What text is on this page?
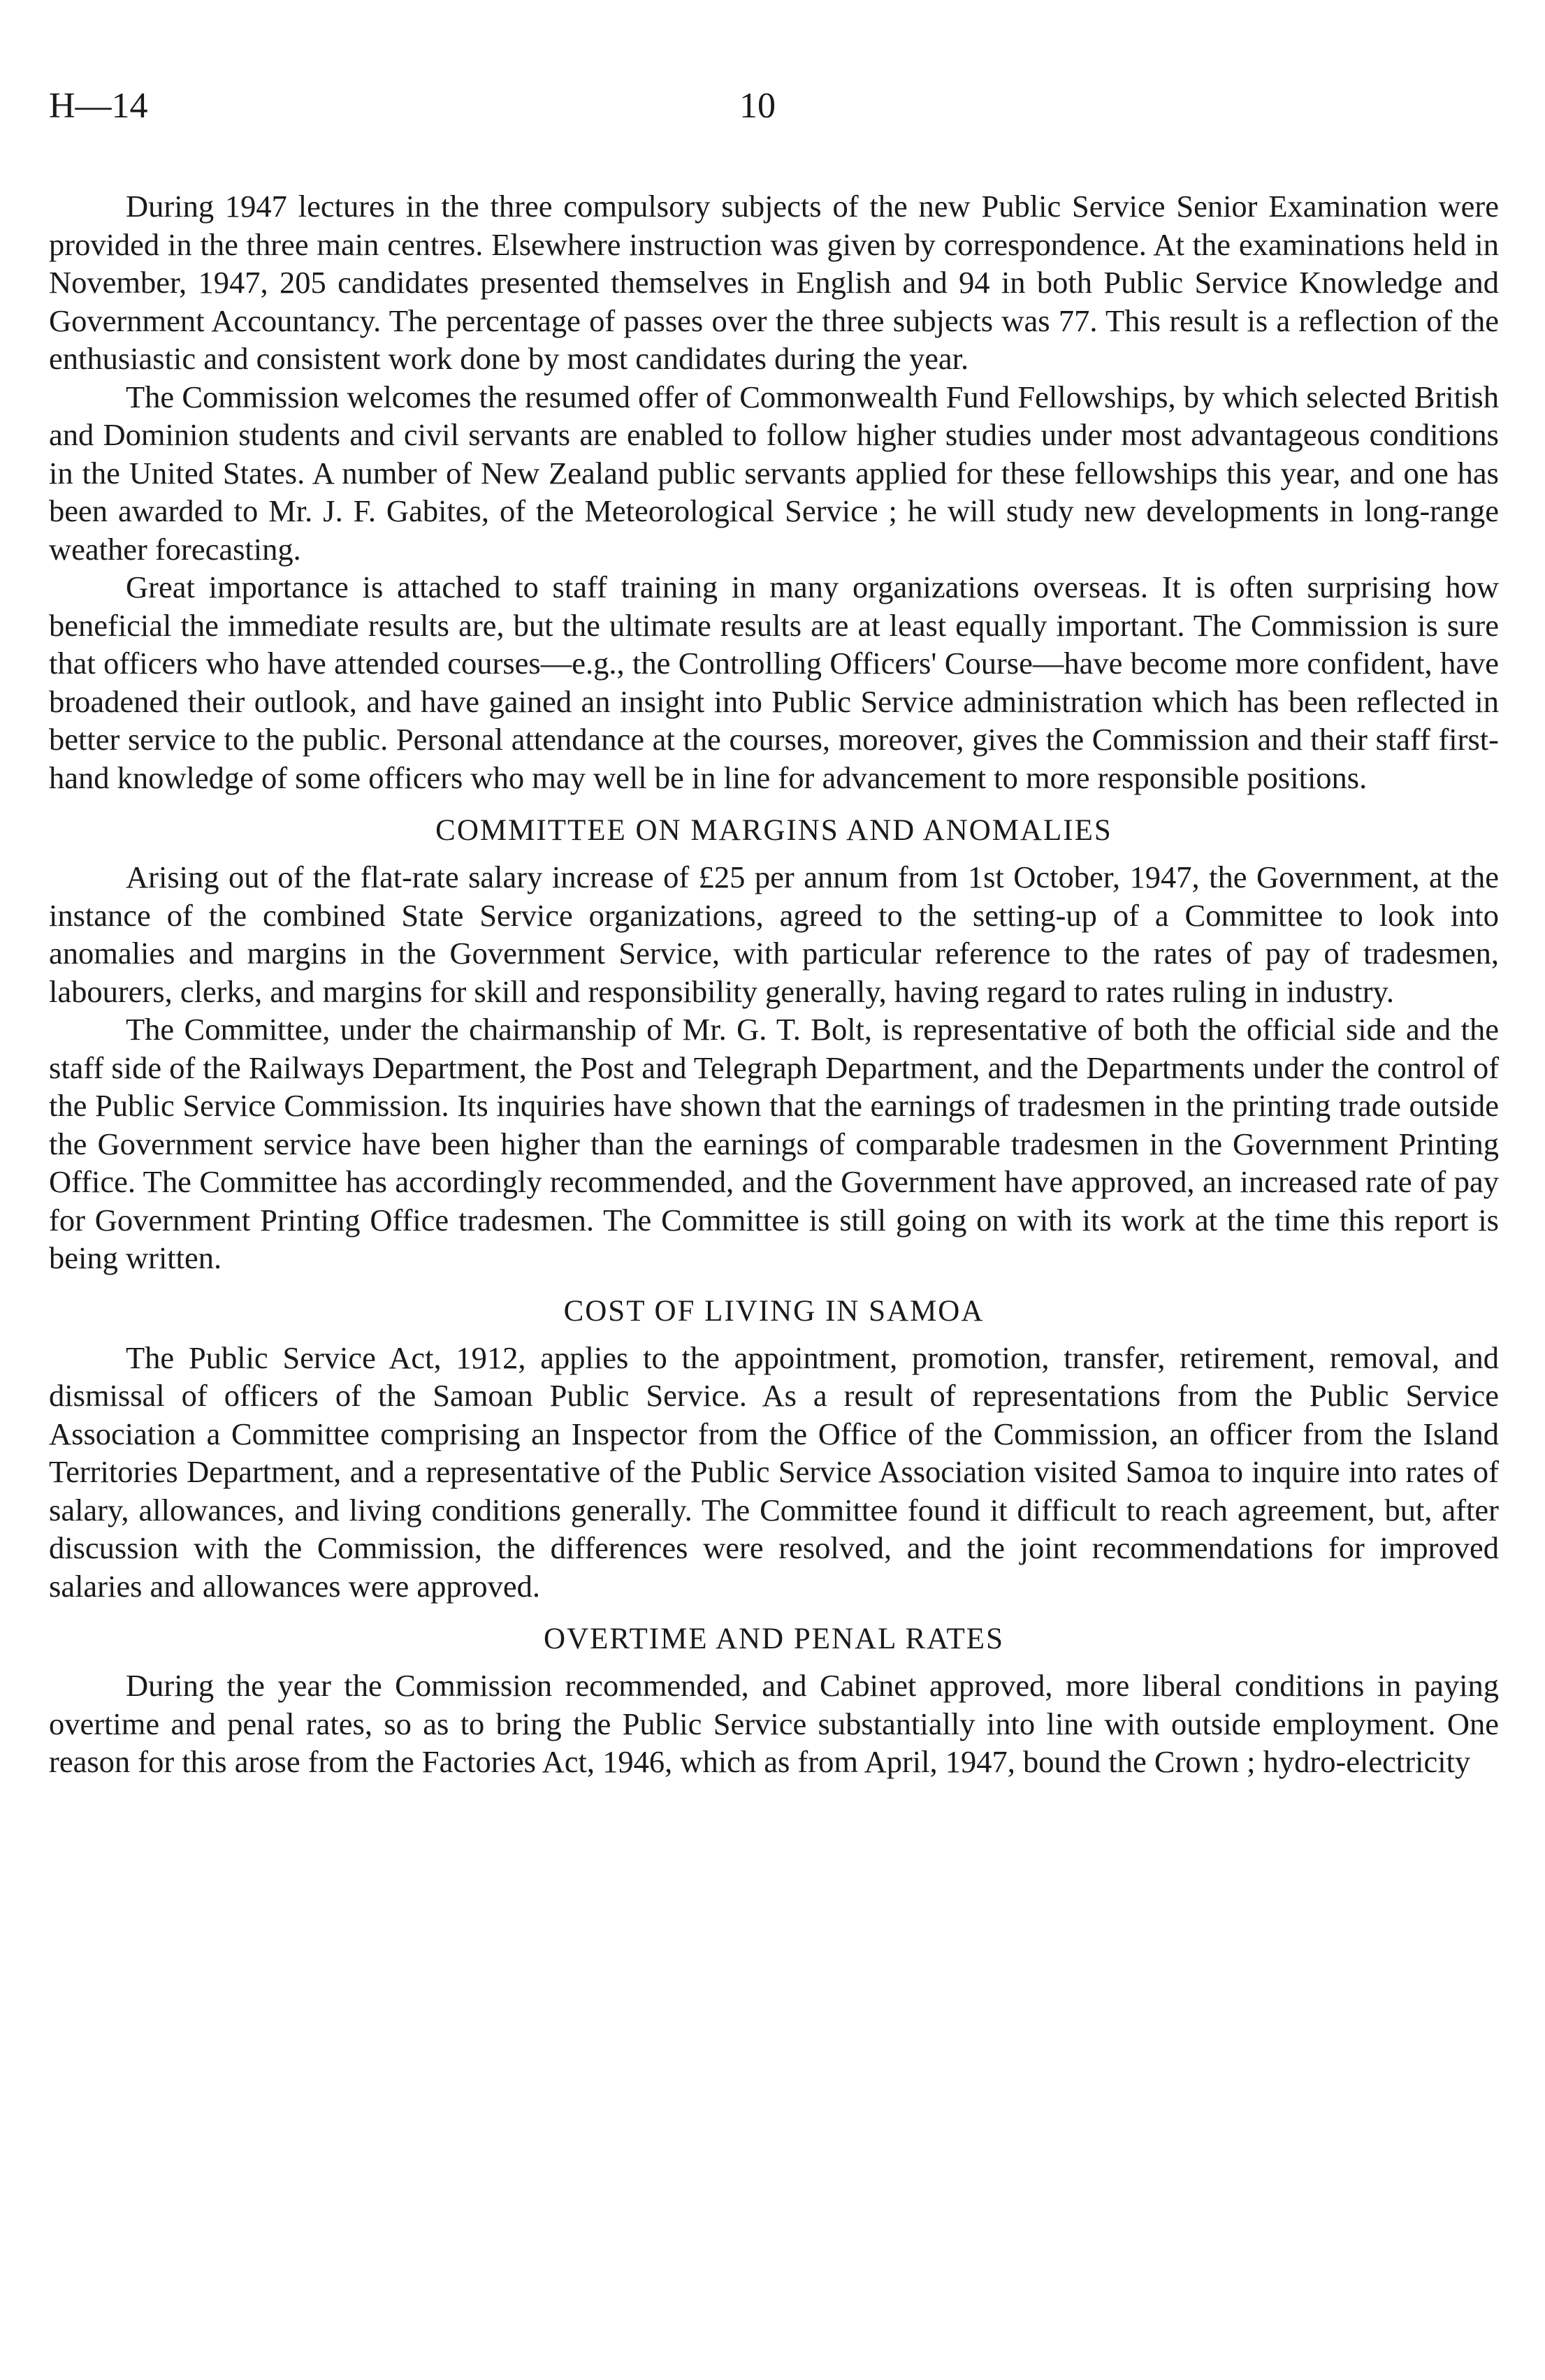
H—14	10

During 1947 lectures in the three compulsory subjects of the new Public Service Senior Examination were provided in the three main centres. Elsewhere instruction was given by correspondence. At the examinations held in November, 1947, 205 candidates presented themselves in English and 94 in both Public Service Knowledge and Government Accountancy. The percentage of passes over the three subjects was 77. This result is a reflection of the enthusiastic and consistent work done by most candidates during the year.

The Commission welcomes the resumed offer of Commonwealth Fund Fellowships, by which selected British and Dominion students and civil servants are enabled to follow higher studies under most advantageous conditions in the United States. A number of New Zealand public servants applied for these fellowships this year, and one has been awarded to Mr. J. F. Gabites, of the Meteorological Service ; he will study new developments in long-range weather forecasting.

Great importance is attached to staff training in many organizations overseas. It is often surprising how beneficial the immediate results are, but the ultimate results are at least equally important. The Commission is sure that officers who have attended courses—e.g., the Controlling Officers' Course—have become more confident, have broadened their outlook, and have gained an insight into Public Service administration which has been reflected in better service to the public. Personal attendance at the courses, moreover, gives the Commission and their staff first-hand knowledge of some officers who may well be in line for advancement to more responsible positions.

COMMITTEE ON MARGINS AND ANOMALIES

Arising out of the flat-rate salary increase of £25 per annum from 1st October, 1947, the Government, at the instance of the combined State Service organizations, agreed to the setting-up of a Committee to look into anomalies and margins in the Government Service, with particular reference to the rates of pay of tradesmen, labourers, clerks, and margins for skill and responsibility generally, having regard to rates ruling in industry.

The Committee, under the chairmanship of Mr. G. T. Bolt, is representative of both the official side and the staff side of the Railways Department, the Post and Telegraph Department, and the Departments under the control of the Public Service Commission. Its inquiries have shown that the earnings of tradesmen in the printing trade outside the Government service have been higher than the earnings of comparable tradesmen in the Government Printing Office. The Committee has accordingly recommended, and the Government have approved, an increased rate of pay for Government Printing Office tradesmen. The Committee is still going on with its work at the time this report is being written.

COST OF LIVING IN SAMOA

The Public Service Act, 1912, applies to the appointment, promotion, transfer, retirement, removal, and dismissal of officers of the Samoan Public Service. As a result of representations from the Public Service Association a Committee comprising an Inspector from the Office of the Commission, an officer from the Island Territories Department, and a representative of the Public Service Association visited Samoa to inquire into rates of salary, allowances, and living conditions generally. The Committee found it difficult to reach agreement, but, after discussion with the Commission, the differences were resolved, and the joint recommendations for improved salaries and allowances were approved.

OVERTIME AND PENAL RATES

During the year the Commission recommended, and Cabinet approved, more liberal conditions in paying overtime and penal rates, so as to bring the Public Service substantially into line with outside employment. One reason for this arose from the Factories Act, 1946, which as from April, 1947, bound the Crown ; hydro-electricity
